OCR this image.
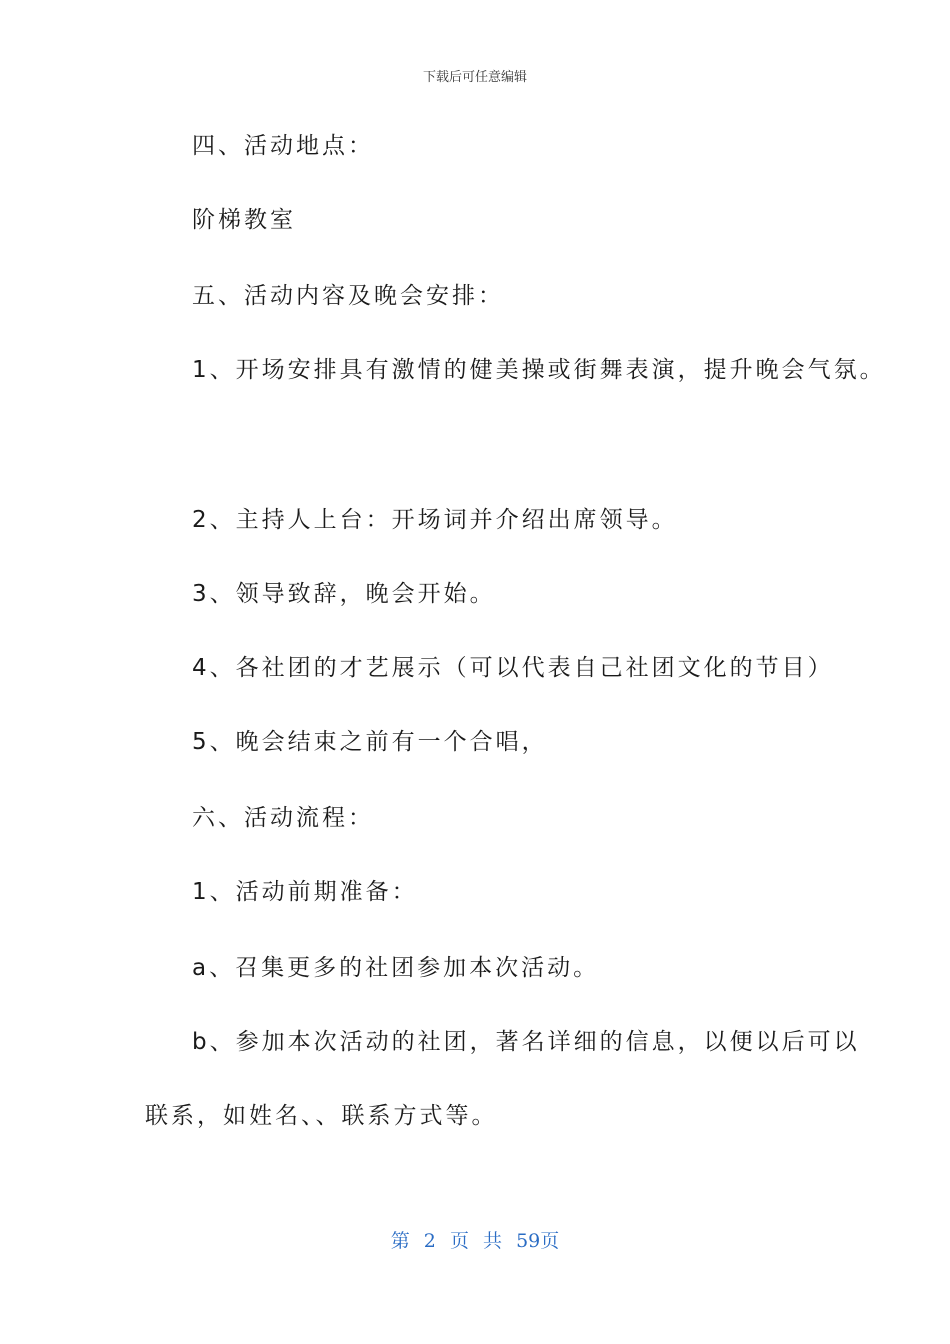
下载后可任意编辑
四、活动地点：
阶梯教室
五、活动内容及晚会安排：
1、开场安排具有激情的健美操或街舞表演，提升晚会气氛。
2、主持人上台：开场词并介绍出席领导。
3、领导致辞，晚会开始。
4、各社团的才艺展示（可以代表自己社团文化的节目）
5、晚会结束之前有一个合唱，
六、活动流程：
1、活动前期准备：
a、召集更多的社团参加本次活动。
b、参加本次活动的社团，著名详细的信息，以便以后可以
联系，如姓名、、联系方式等。
第 2 页 共 59页
